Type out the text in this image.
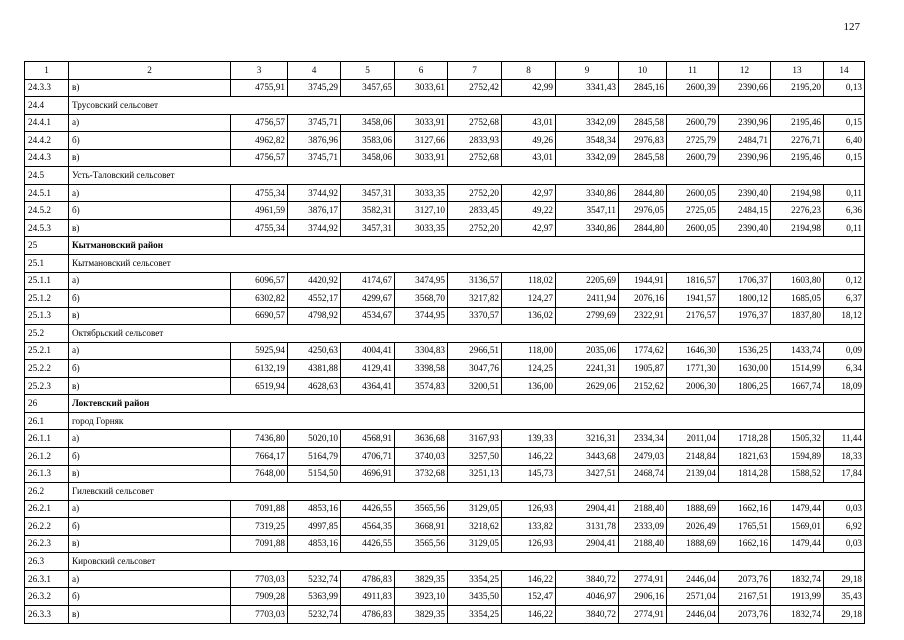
127
1	2	3	4	5	6	7	8	9	10	11	12	13	14
24.3.3	в)	4755,91	3745,29	3457,65	3033,61	2752,42	42,99	3341,43	2845,16	2600,39	2390,66	2195,20	0,13
24.4	Трусовский сельсовет												
24.4.1	а)	4756,57	3745,71	3458,06	3033,91	2752,68	43,01	3342,09	2845,58	2600,79	2390,96	2195,46	0,15
24.4.2	б)	4962,82	3876,96	3583,06	3127,66	2833,93	49,26	3548,34	2976,83	2725,79	2484,71	2276,71	6,40
24.4.3	в)	4756,57	3745,71	3458,06	3033,91	2752,68	43,01	3342,09	2845,58	2600,79	2390,96	2195,46	0,15
24.5	Усть-Таловский сельсовет												
24.5.1	а)	4755,34	3744,92	3457,31	3033,35	2752,20	42,97	3340,86	2844,80	2600,05	2390,40	2194,98	0,11
24.5.2	б)	4961,59	3876,17	3582,31	3127,10	2833,45	49,22	3547,11	2976,05	2725,05	2484,15	2276,23	6,36
24.5.3	в)	4755,34	3744,92	3457,31	3033,35	2752,20	42,97	3340,86	2844,80	2600,05	2390,40	2194,98	0,11
25	Кытмановский район												
25.1	Кытмановский сельсовет												
25.1.1	а)	6096,57	4420,92	4174,67	3474,95	3136,57	118,02	2205,69	1944,91	1816,57	1706,37	1603,80	0,12
25.1.2	б)	6302,82	4552,17	4299,67	3568,70	3217,82	124,27	2411,94	2076,16	1941,57	1800,12	1685,05	6,37
25.1.3	в)	6690,57	4798,92	4534,67	3744,95	3370,57	136,02	2799,69	2322,91	2176,57	1976,37	1837,80	18,12
25.2	Октябрьский сельсовет												
25.2.1	а)	5925,94	4250,63	4004,41	3304,83	2966,51	118,00	2035,06	1774,62	1646,30	1536,25	1433,74	0,09
25.2.2	б)	6132,19	4381,88	4129,41	3398,58	3047,76	124,25	2241,31	1905,87	1771,30	1630,00	1514,99	6,34
25.2.3	в)	6519,94	4628,63	4364,41	3574,83	3200,51	136,00	2629,06	2152,62	2006,30	1806,25	1667,74	18,09
26	Локтевский район												
26.1	город Горняк												
26.1.1	а)	7436,80	5020,10	4568,91	3636,68	3167,93	139,33	3216,31	2334,34	2011,04	1718,28	1505,32	11,44
26.1.2	б)	7664,17	5164,79	4706,71	3740,03	3257,50	146,22	3443,68	2479,03	2148,84	1821,63	1594,89	18,33
26.1.3	в)	7648,00	5154,50	4696,91	3732,68	3251,13	145,73	3427,51	2468,74	2139,04	1814,28	1588,52	17,84
26.2	Гилевский сельсовет												
26.2.1	а)	7091,88	4853,16	4426,55	3565,56	3129,05	126,93	2904,41	2188,40	1888,69	1662,16	1479,44	0,03
26.2.2	б)	7319,25	4997,85	4564,35	3668,91	3218,62	133,82	3131,78	2333,09	2026,49	1765,51	1569,01	6,92
26.2.3	в)	7091,88	4853,16	4426,55	3565,56	3129,05	126,93	2904,41	2188,40	1888,69	1662,16	1479,44	0,03
26.3	Кировский сельсовет												
26.3.1	а)	7703,03	5232,74	4786,83	3829,35	3354,25	146,22	3840,72	2774,91	2446,04	2073,76	1832,74	29,18
26.3.2	б)	7909,28	5363,99	4911,83	3923,10	3435,50	152,47	4046,97	2906,16	2571,04	2167,51	1913,99	35,43
26.3.3	в)	7703,03	5232,74	4786,83	3829,35	3354,25	146,22	3840,72	2774,91	2446,04	2073,76	1832,74	29,18
